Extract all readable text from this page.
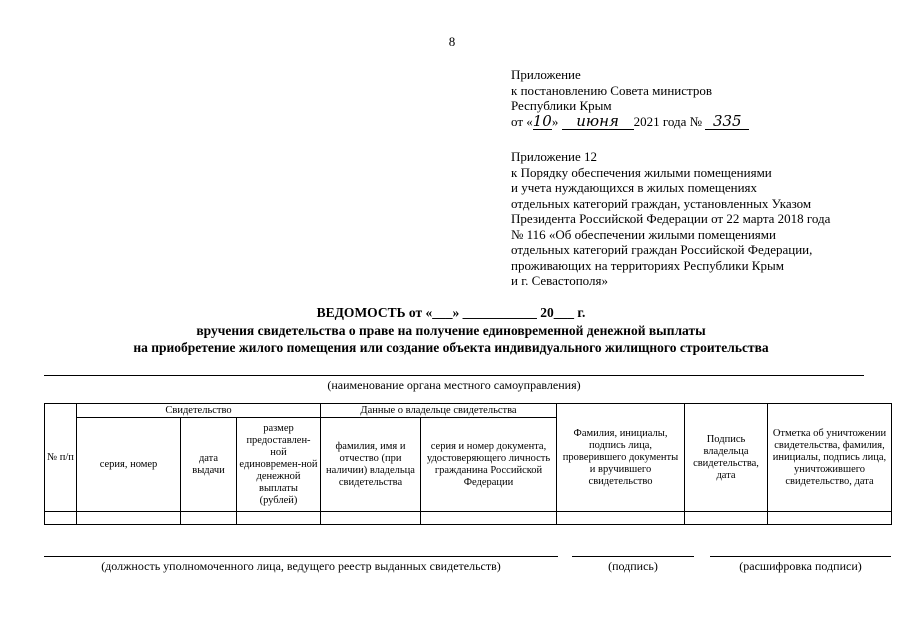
8
Приложение
к постановлению Совета министров
Республики Крым
от «10» июня 2021 года № 335
Приложение 12
к Порядку обеспечения жилыми помещениями
и учета нуждающихся в жилых помещениях
отдельных категорий граждан, установленных Указом
Президента Российской Федерации от 22 марта 2018 года
№ 116 «Об обеспечении жилыми помещениями
отдельных категорий граждан Российской Федерации,
проживающих на территориях Республики Крым
и г. Севастополя»
ВЕДОМОСТЬ от «___» ___________ 20___ г.
вручения свидетельства о праве на получение единовременной денежной выплаты
на приобретение жилого помещения или создание объекта индивидуального жилищного строительства
(наименование органа местного самоуправления)
№ п/п	Свидетельство			Данные о владельце свидетельства		Фамилия, инициалы, подпись лица, проверившего документы и вручившего свидетельство	Подпись владельца свидетельства, дата	Отметка об уничтожении свидетельства, фамилия, инициалы, подпись лица, уничтожившего свидетельство, дата
	серия, номер	дата выдачи	размер предоставлен-ной единовремен-ной денежной выплаты (рублей)	фамилия, имя и отчество (при наличии) владельца свидетельства	серия и номер документа, удостоверяющего личность гражданина Российской Федерации			

(должность уполномоченного лица, ведущего реестр выданных свидетельств)	(подпись)	(расшифровка подписи)
